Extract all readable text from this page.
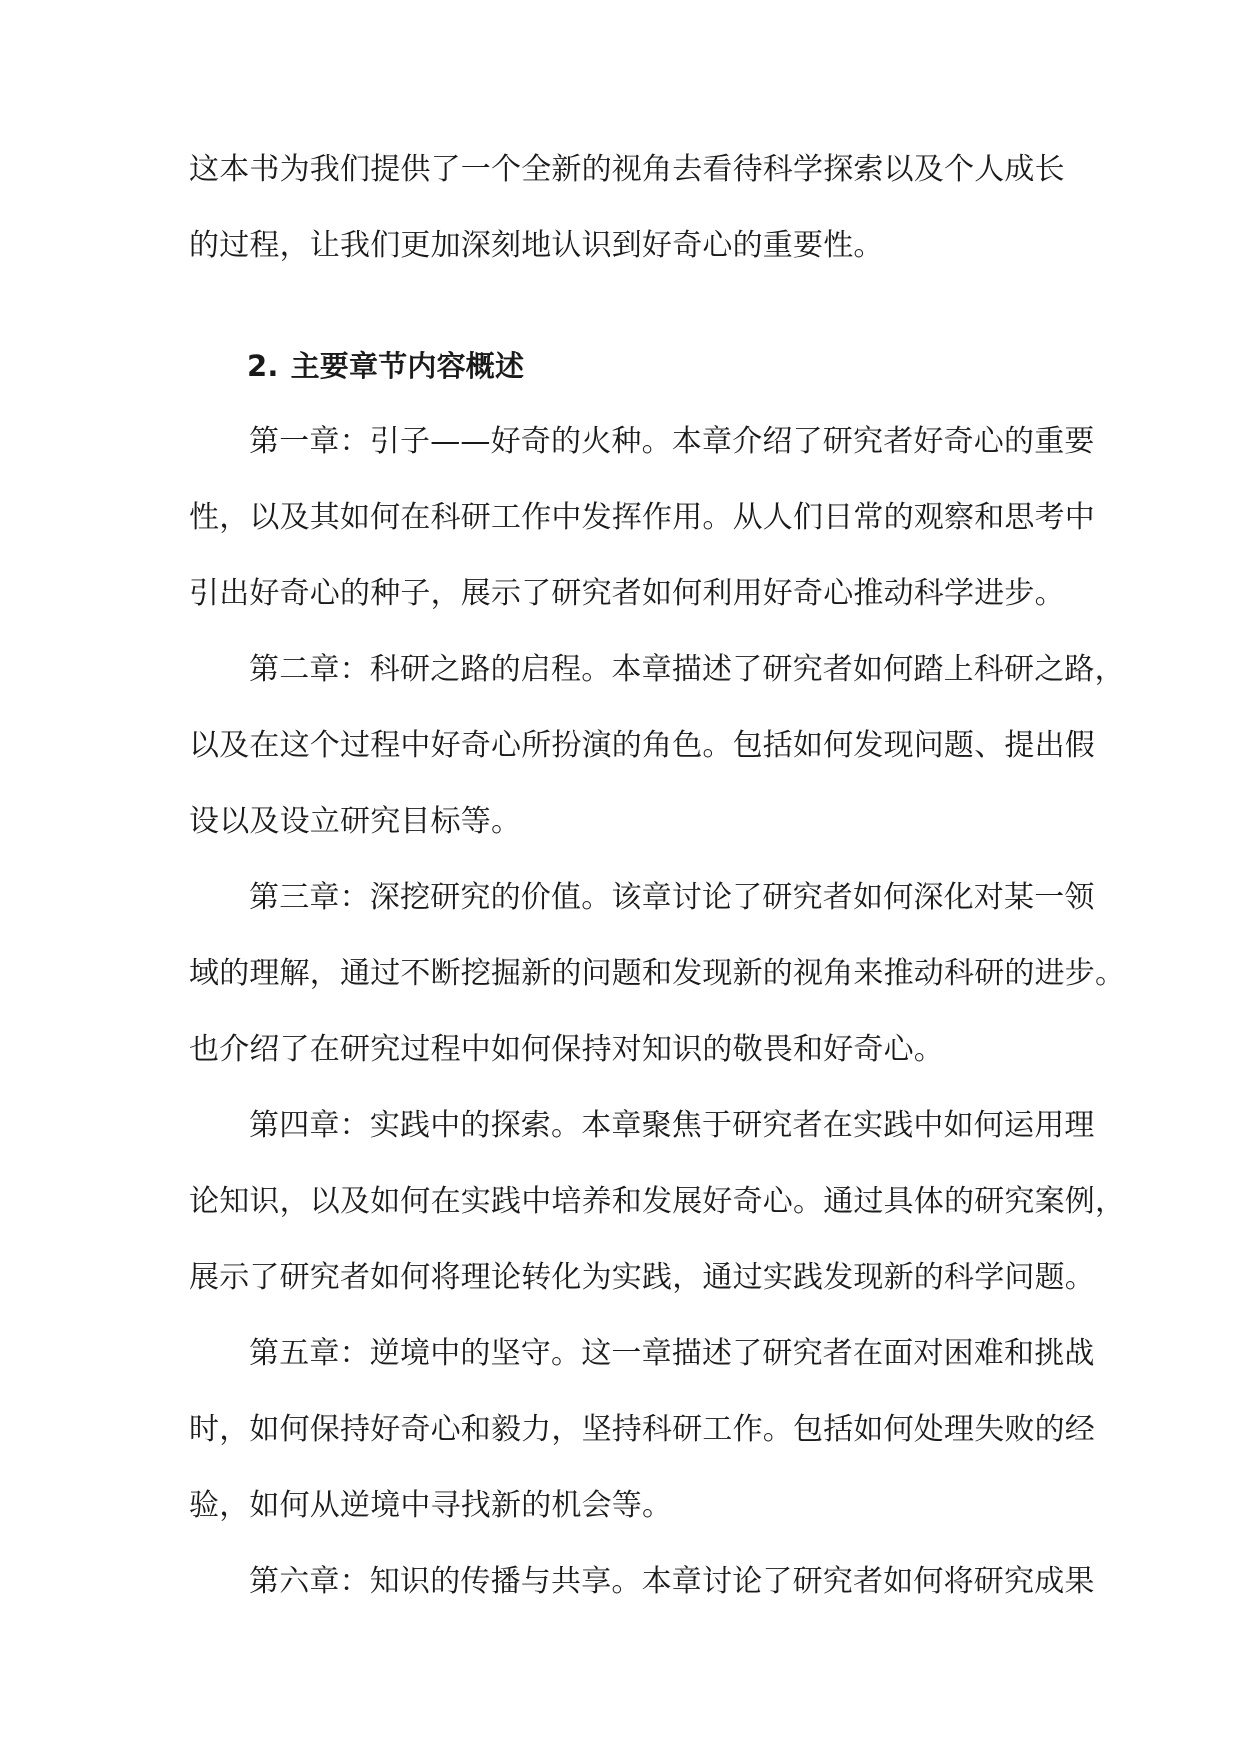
这本书为我们提供了一个全新的视角去看待科学探索以及个人成长
的过程，让我们更加深刻地认识到好奇心的重要性。
2. 主要章节内容概述
第一章：引子——好奇的火种。本章介绍了研究者好奇心的重要
性，以及其如何在科研工作中发挥作用。从人们日常的观察和思考中
引出好奇心的种子，展示了研究者如何利用好奇心推动科学进步。
第二章：科研之路的启程。本章描述了研究者如何踏上科研之路，
以及在这个过程中好奇心所扮演的角色。包括如何发现问题、提出假
设以及设立研究目标等。
第三章：深挖研究的价值。该章讨论了研究者如何深化对某一领
域的理解，通过不断挖掘新的问题和发现新的视角来推动科研的进步。
也介绍了在研究过程中如何保持对知识的敬畏和好奇心。
第四章：实践中的探索。本章聚焦于研究者在实践中如何运用理
论知识，以及如何在实践中培养和发展好奇心。通过具体的研究案例，
展示了研究者如何将理论转化为实践，通过实践发现新的科学问题。
第五章：逆境中的坚守。这一章描述了研究者在面对困难和挑战
时，如何保持好奇心和毅力，坚持科研工作。包括如何处理失败的经
验，如何从逆境中寻找新的机会等。
第六章：知识的传播与共享。本章讨论了研究者如何将研究成果
